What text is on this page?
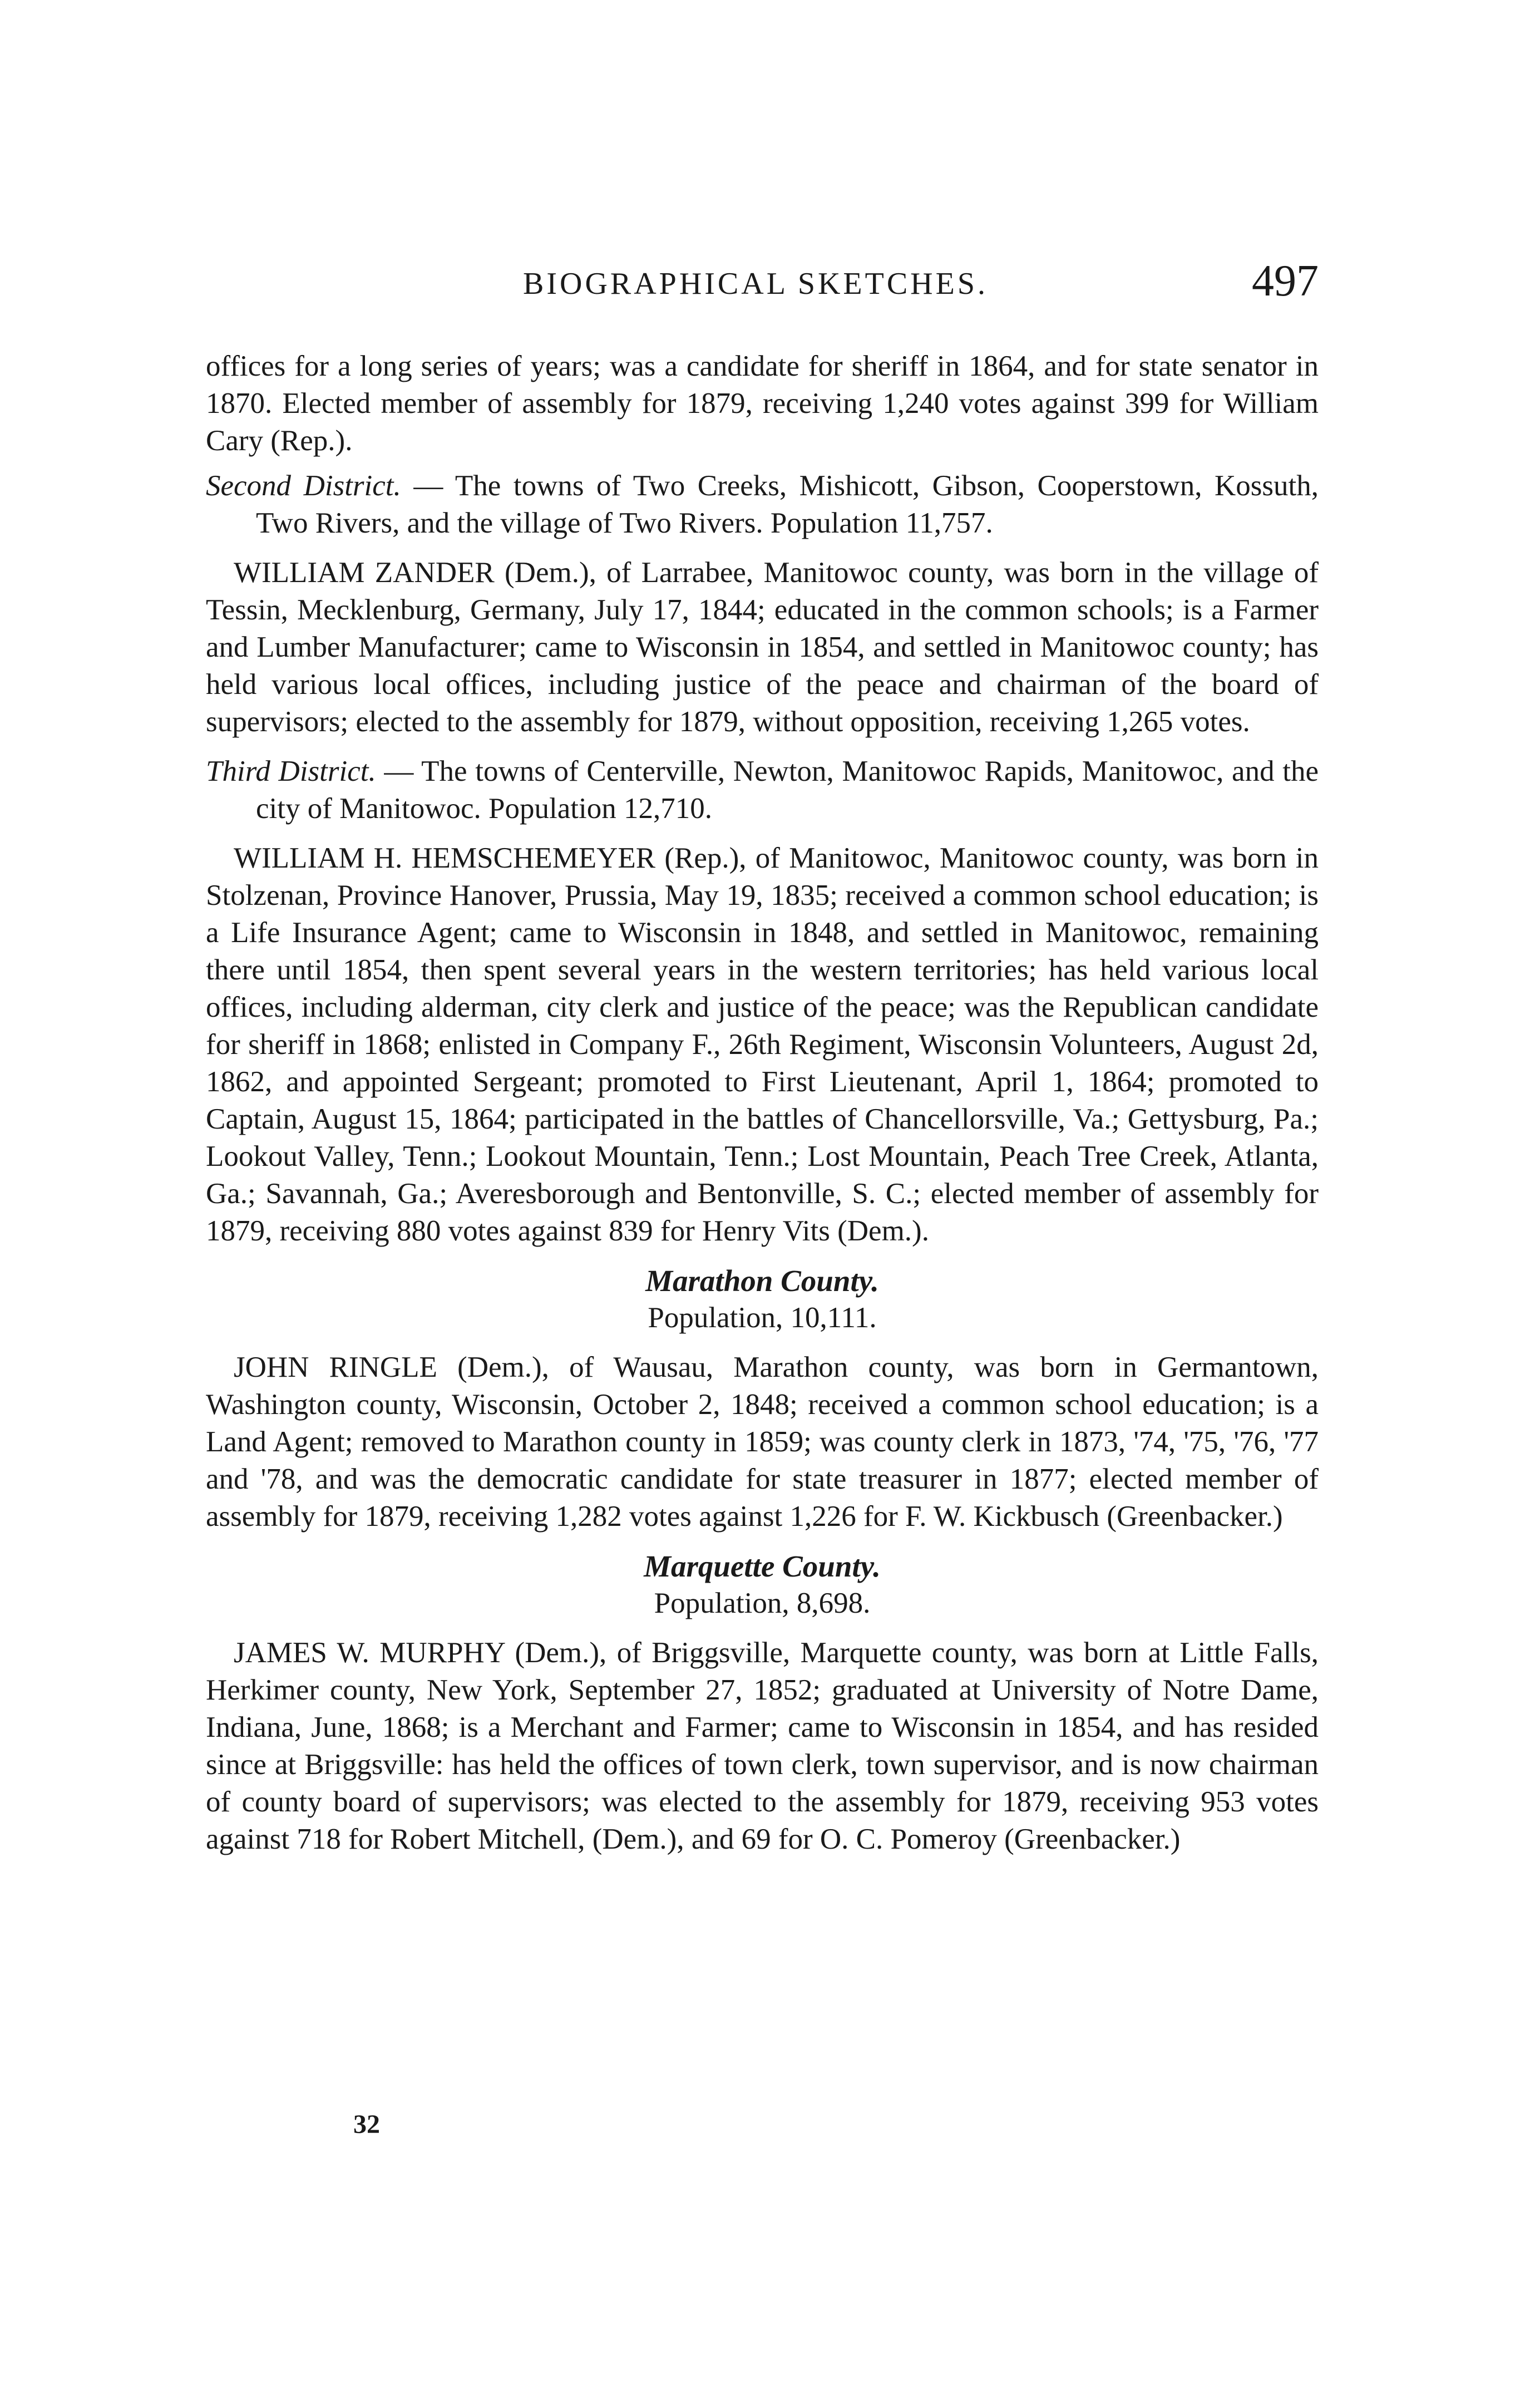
BIOGRAPHICAL SKETCHES.	497

offices for a long series of years; was a candidate for sheriff in 1864, and for state senator in 1870. Elected member of assembly for 1879, receiving 1,240 votes against 399 for William Cary (Rep.).

Second District. — The towns of Two Creeks, Mishicott, Gibson, Cooperstown, Kossuth, Two Rivers, and the village of Two Rivers. Population 11,757.

WILLIAM ZANDER (Dem.), of Larrabee, Manitowoc county, was born in the village of Tessin, Mecklenburg, Germany, July 17, 1844; educated in the common schools; is a Farmer and Lumber Manufacturer; came to Wisconsin in 1854, and settled in Manitowoc county; has held various local offices, including justice of the peace and chairman of the board of supervisors; elected to the assembly for 1879, without opposition, receiving 1,265 votes.

Third District. — The towns of Centerville, Newton, Manitowoc Rapids, Manitowoc, and the city of Manitowoc. Population 12,710.

WILLIAM H. HEMSCHEMEYER (Rep.), of Manitowoc, Manitowoc county, was born in Stolzenan, Province Hanover, Prussia, May 19, 1835; received a common school education; is a Life Insurance Agent; came to Wisconsin in 1848, and settled in Manitowoc, remaining there until 1854, then spent several years in the western territories; has held various local offices, including alderman, city clerk and justice of the peace; was the Republican candidate for sheriff in 1868; enlisted in Company F., 26th Regiment, Wisconsin Volunteers, August 2d, 1862, and appointed Sergeant; promoted to First Lieutenant, April 1, 1864; promoted to Captain, August 15, 1864; participated in the battles of Chancellorsville, Va.; Gettysburg, Pa.; Lookout Valley, Tenn.; Lookout Mountain, Tenn.; Lost Mountain, Peach Tree Creek, Atlanta, Ga.; Savannah, Ga.; Averesborough and Bentonville, S. C.; elected member of assembly for 1879, receiving 880 votes against 839 for Henry Vits (Dem.).

Marathon County.

Population, 10,111.

JOHN RINGLE (Dem.), of Wausau, Marathon county, was born in Germantown, Washington county, Wisconsin, October 2, 1848; received a common school education; is a Land Agent; removed to Marathon county in 1859; was county clerk in 1873, '74, '75, '76, '77 and '78, and was the democratic candidate for state treasurer in 1877; elected member of assembly for 1879, receiving 1,282 votes against 1,226 for F. W. Kickbusch (Greenbacker.)

Marquette County.

Population, 8,698.

JAMES W. MURPHY (Dem.), of Briggsville, Marquette county, was born at Little Falls, Herkimer county, New York, September 27, 1852; graduated at University of Notre Dame, Indiana, June, 1868; is a Merchant and Farmer; came to Wisconsin in 1854, and has resided since at Briggsville: has held the offices of town clerk, town supervisor, and is now chairman of county board of supervisors; was elected to the assembly for 1879, receiving 953 votes against 718 for Robert Mitchell, (Dem.), and 69 for O. C. Pomeroy (Greenbacker.)

32
